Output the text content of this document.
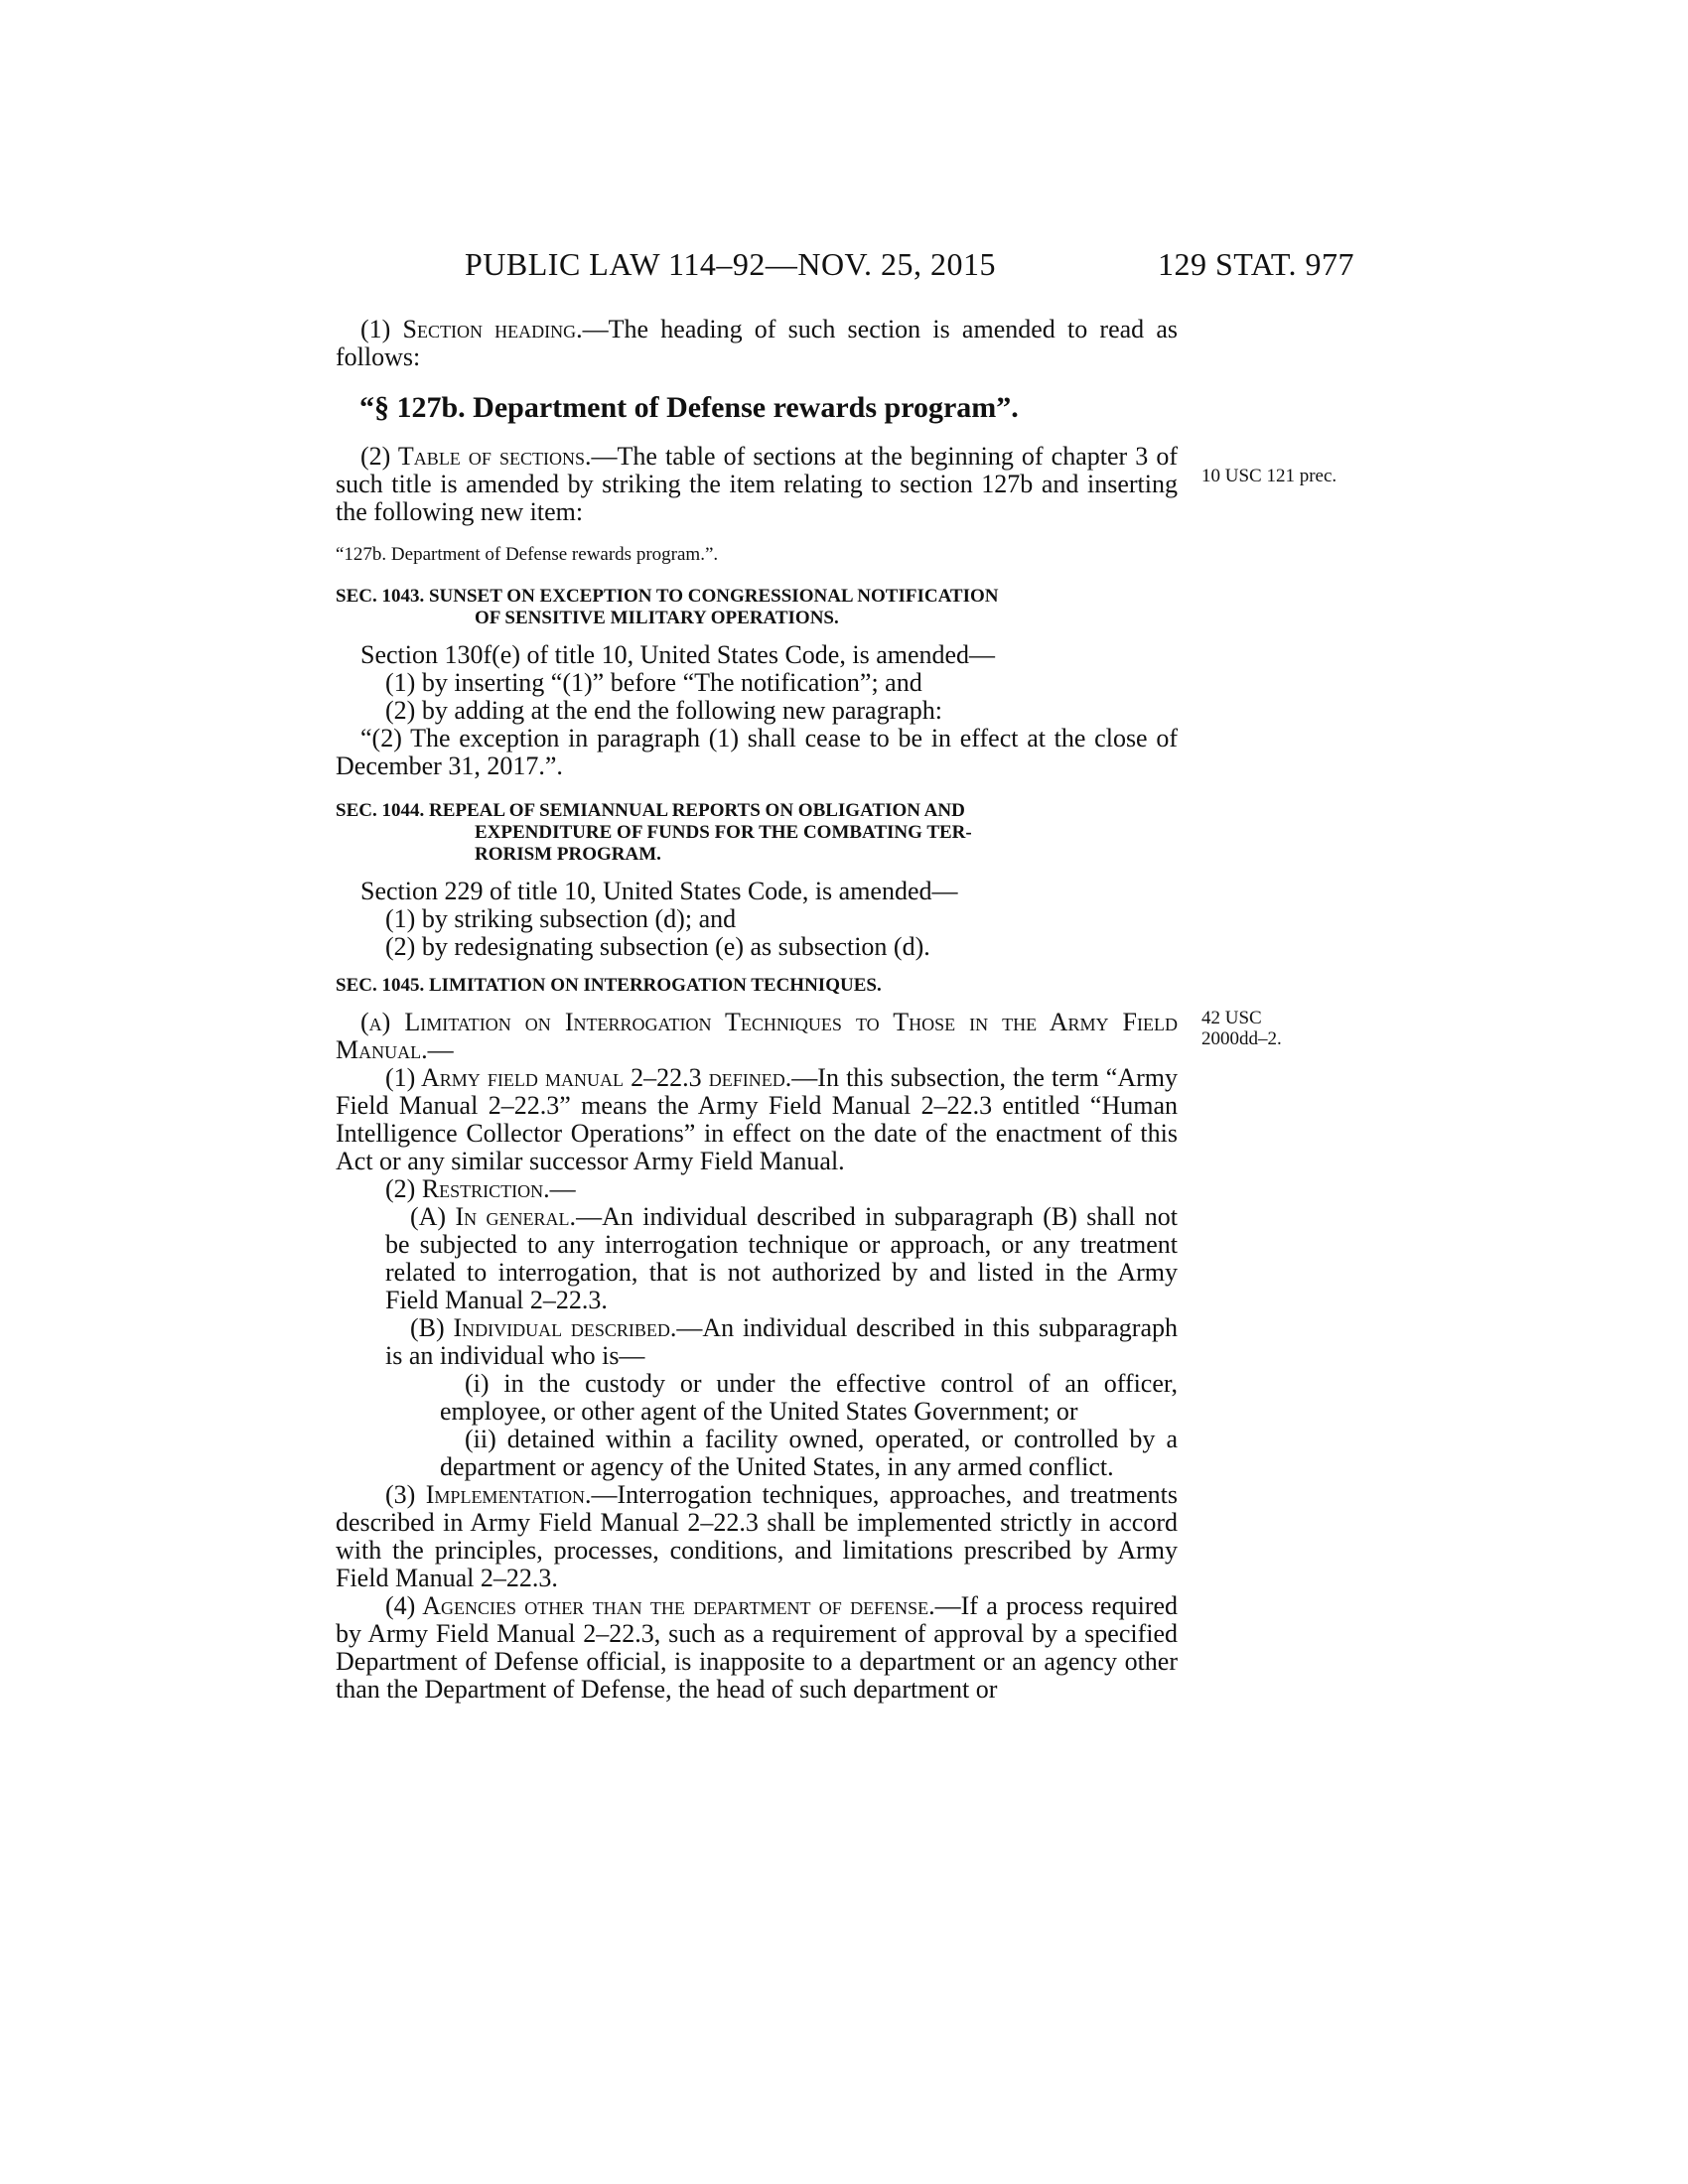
PUBLIC LAW 114–92—NOV. 25, 2015	129 STAT. 977
10 USC 121 prec.
42 USC
2000dd–2.

(1) Section heading.—The heading of such section is amended to read as follows:

“§ 127b. Department of Defense rewards program”.

(2) Table of sections.—The table of sections at the beginning of chapter 3 of such title is amended by striking the item relating to section 127b and inserting the following new item:

“127b. Department of Defense rewards program.”.
SEC. 1043. SUNSET ON EXCEPTION TO CONGRESSIONAL NOTIFICATION
OF SENSITIVE MILITARY OPERATIONS.

Section 130f(e) of title 10, United States Code, is amended—

(1) by inserting “(1)” before “The notification”; and

(2) by adding at the end the following new paragraph:

“(2) The exception in paragraph (1) shall cease to be in effect at the close of December 31, 2017.”.

SEC. 1044. REPEAL OF SEMIANNUAL REPORTS ON OBLIGATION AND
EXPENDITURE OF FUNDS FOR THE COMBATING TER-
RORISM PROGRAM.

Section 229 of title 10, United States Code, is amended—

(1) by striking subsection (d); and

(2) by redesignating subsection (e) as subsection (d).

SEC. 1045. LIMITATION ON INTERROGATION TECHNIQUES.

(a) Limitation on Interrogation Techniques to Those in the Army Field Manual.—

(1) Army field manual 2–22.3 defined.—In this subsection, the term “Army Field Manual 2–22.3” means the Army Field Manual 2–22.3 entitled “Human Intelligence Collector Operations” in effect on the date of the enactment of this Act or any similar successor Army Field Manual.

(2) Restriction.—

(A) In general.—An individual described in subparagraph (B) shall not be subjected to any interrogation technique or approach, or any treatment related to interrogation, that is not authorized by and listed in the Army Field Manual 2–22.3.

(B) Individual described.—An individual described in this subparagraph is an individual who is—

(i) in the custody or under the effective control of an officer, employee, or other agent of the United States Government; or

(ii) detained within a facility owned, operated, or controlled by a department or agency of the United States, in any armed conflict.

(3) Implementation.—Interrogation techniques, approaches, and treatments described in Army Field Manual 2–22.3 shall be implemented strictly in accord with the principles, processes, conditions, and limitations prescribed by Army Field Manual 2–22.3.

(4) Agencies other than the department of defense.—If a process required by Army Field Manual 2–22.3, such as a requirement of approval by a specified Department of Defense official, is inapposite to a department or an agency other than the Department of Defense, the head of such department or
